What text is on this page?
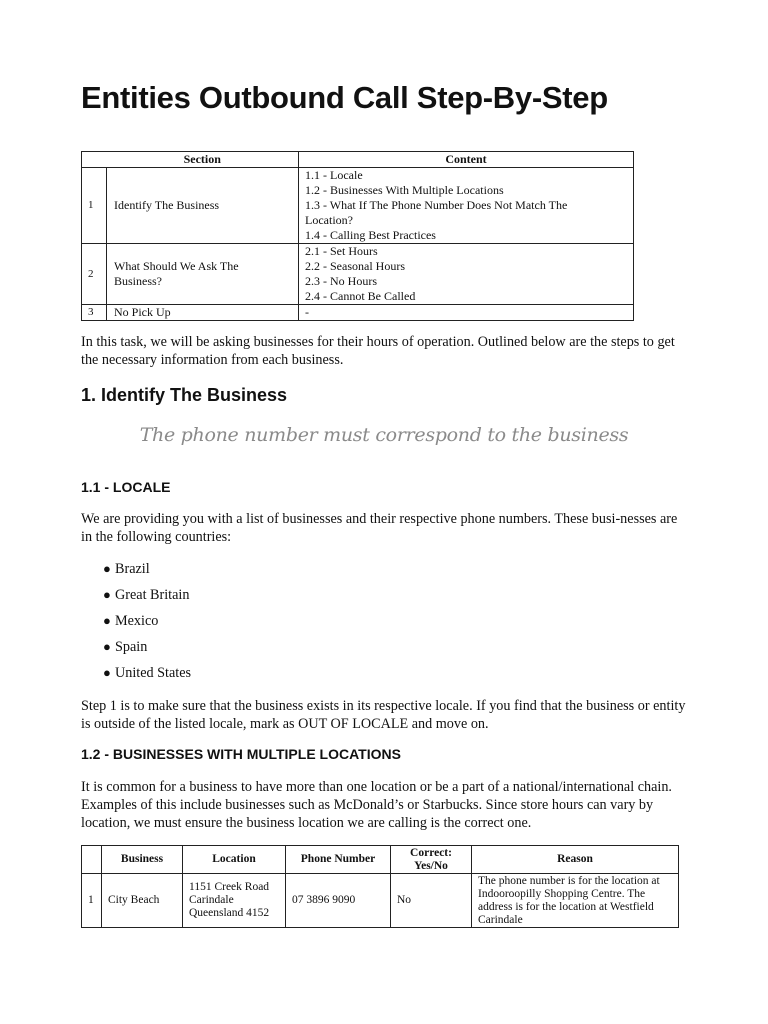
Entities Outbound Call Step-By-Step
	Section	Content
1	Identify The Business	1.1 - Locale
1.2 - Businesses With Multiple Locations
1.3 - What If The Phone Number Does Not Match The
Location?
1.4 - Calling Best Practices

2	What Should We Ask The Business?	2.1 - Set Hours
2.2 - Seasonal Hours
2.3 - No Hours
2.4 - Cannot Be Called

3	No Pick Up	-

In this task, we will be asking businesses for their hours of operation. Outlined below are the steps to get the necessary information from each business.

1. Identify The Business

The phone number must correspond to the business

1.1 - LOCALE

We are providing you with a list of businesses and their respective phone numbers. These busi-nesses are in the following countries:

● Brazil
● Great Britain
● Mexico
● Spain
● United States

Step 1 is to make sure that the business exists in its respective locale. If you find that the business or entity is outside of the listed locale, mark as OUT OF LOCALE and move on.

1.2 - BUSINESSES WITH MULTIPLE LOCATIONS

It is common for a business to have more than one location or be a part of a national/international chain. Examples of this include businesses such as McDonald’s or Starbucks. Since store hours can vary by location, we must ensure the business location we are calling is the correct one.

	Business	Location	Phone Number	Correct:
Yes/No	Reason
1	City Beach	1151 Creek Road
Carindale
Queensland 4152	07 3896 9090	No	The phone number is for the location at Indooroopilly Shopping Centre. The address is for the location at Westfield Carindale
